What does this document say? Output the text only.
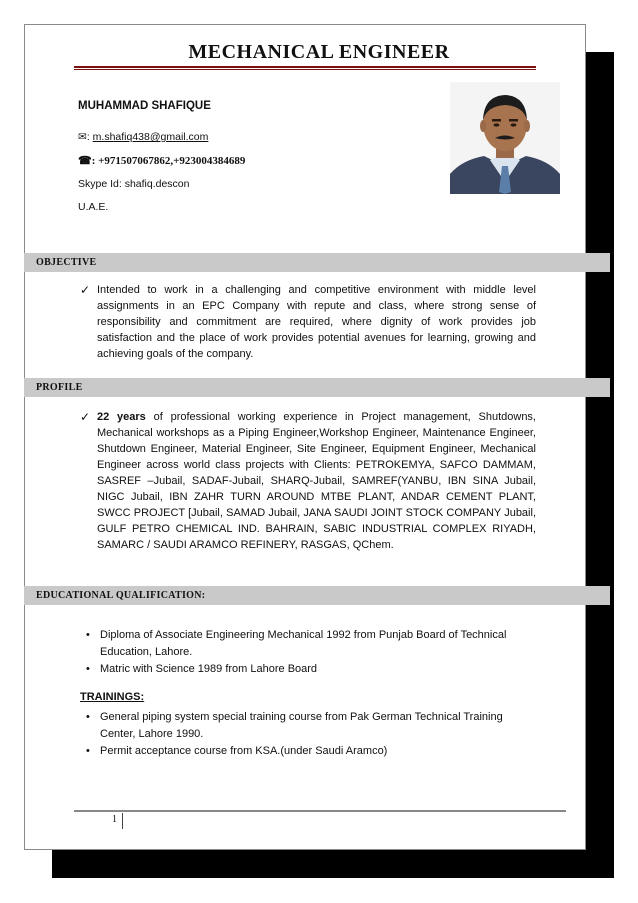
MECHANICAL ENGINEER
MUHAMMAD SHAFIQUE
✉: m.shafiq438@gmail.com
☎: +971507067862,+923004384689
Skype Id: shafiq.descon
U.A.E.
OBJECTIVE
✓ Intended to work in a challenging and competitive environment with middle level assignments in an EPC Company with repute and class, where strong sense of responsibility and commitment are required, where dignity of work provides job satisfaction and the place of work provides potential avenues for learning, growing and achieving goals of the company.
PROFILE
✓ 22 years of professional working experience in Project management, Shutdowns, Mechanical workshops as a Piping Engineer,Workshop Engineer, Maintenance Engineer, Shutdown Engineer, Material Engineer, Site Engineer, Equipment Engineer, Mechanical Engineer across world class projects with Clients: PETROKEMYA, SAFCO DAMMAM, SASREF –Jubail, SADAF-Jubail, SHARQ-Jubail, SAMREF(YANBU, IBN SINA Jubail, NIGC Jubail, IBN ZAHR TURN AROUND MTBE PLANT, ANDAR CEMENT PLANT, SWCC PROJECT [Jubail, SAMAD Jubail, JANA SAUDI JOINT STOCK COMPANY Jubail, GULF PETRO CHEMICAL IND. BAHRAIN, SABIC INDUSTRIAL COMPLEX RIYADH, SAMARC / SAUDI ARAMCO REFINERY, RASGAS, QChem.
EDUCATIONAL QUALIFICATION:

• Diploma of Associate Engineering Mechanical 1992 from Punjab Board of Technical Education, Lahore.

• Matric with Science 1989 from Lahore Board

TRAININGS:

• General piping system special training course from Pak German Technical Training Center, Lahore 1990.

• Permit acceptance course from KSA.(under Saudi Aramco)

1
